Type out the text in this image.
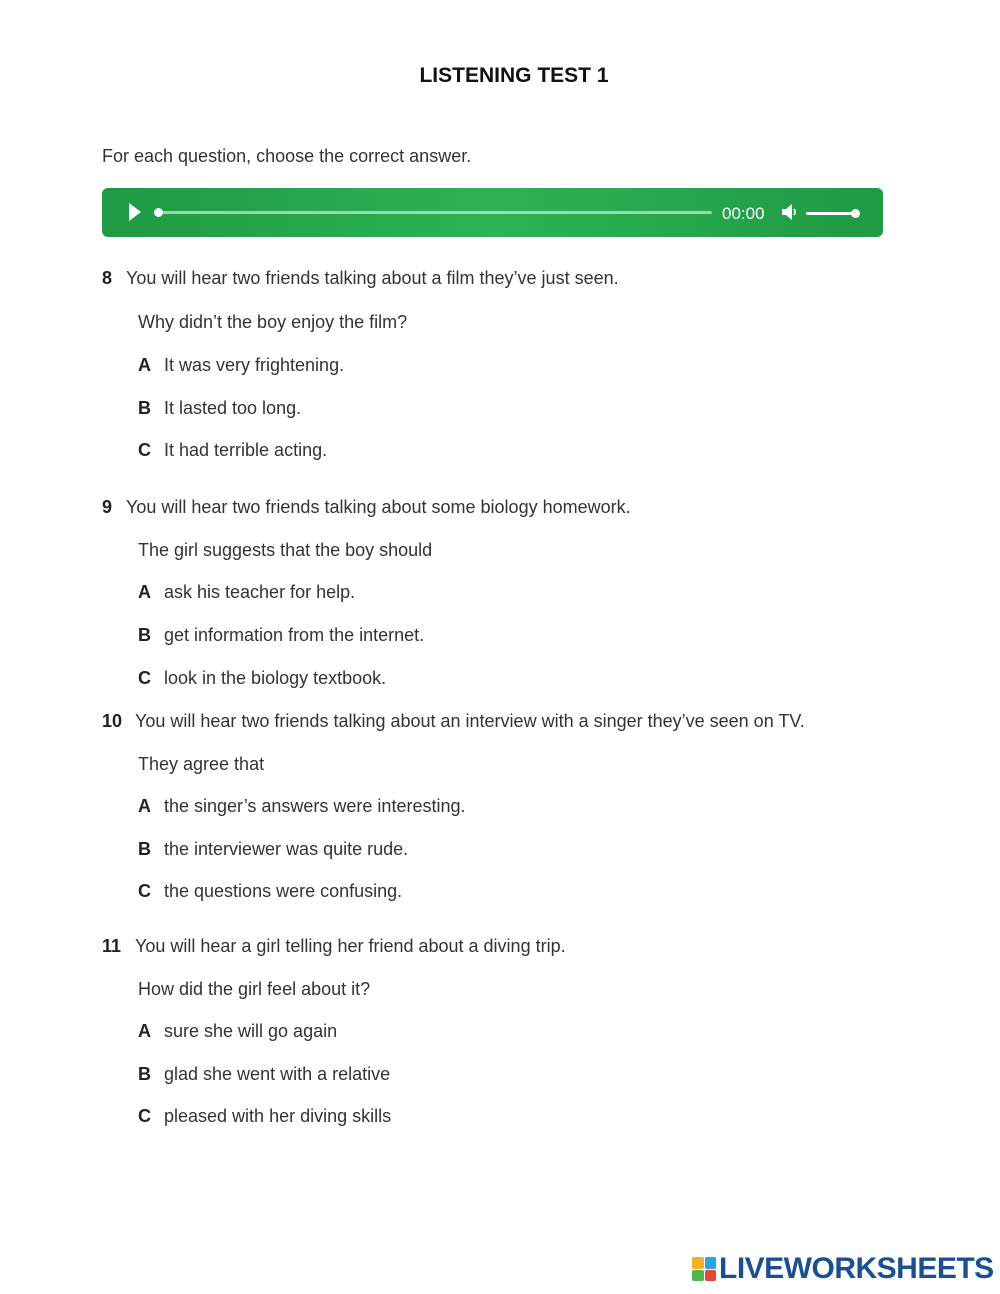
LISTENING TEST 1
For each question, choose the correct answer.
00:00
8 You will hear two friends talking about a film they’ve just seen.
Why didn’t the boy enjoy the film?
A It was very frightening.
B It lasted too long.
C It had terrible acting.
9 You will hear two friends talking about some biology homework.
The girl suggests that the boy should
A ask his teacher for help.
B get information from the internet.
C look in the biology textbook.
10 You will hear two friends talking about an interview with a singer they’ve seen on TV.
They agree that
A the singer’s answers were interesting.
B the interviewer was quite rude.
C the questions were confusing.
11 You will hear a girl telling her friend about a diving trip.
How did the girl feel about it?
A sure she will go again
B glad she went with a relative
C pleased with her diving skills
LIVEWORKSHEETS
